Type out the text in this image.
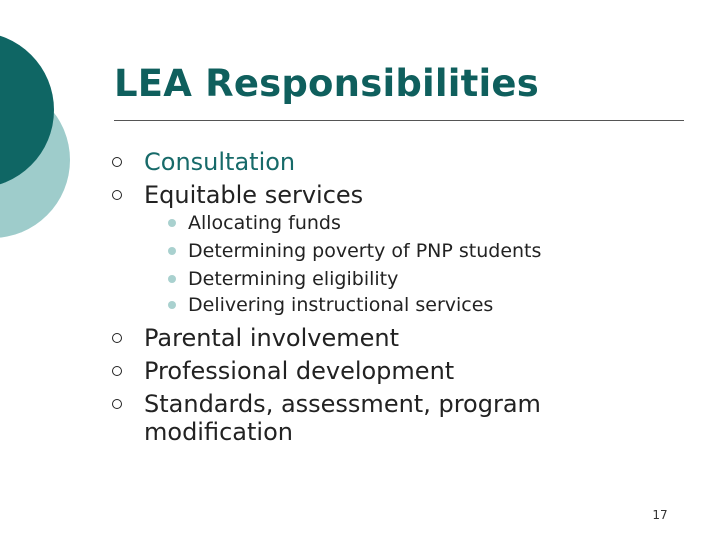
LEA Responsibilities
Consultation
Equitable services
Allocating funds
Determining poverty of PNP students
Determining eligibility
Delivering instructional services
Parental involvement
Professional development
Standards, assessment, program
modification
17
